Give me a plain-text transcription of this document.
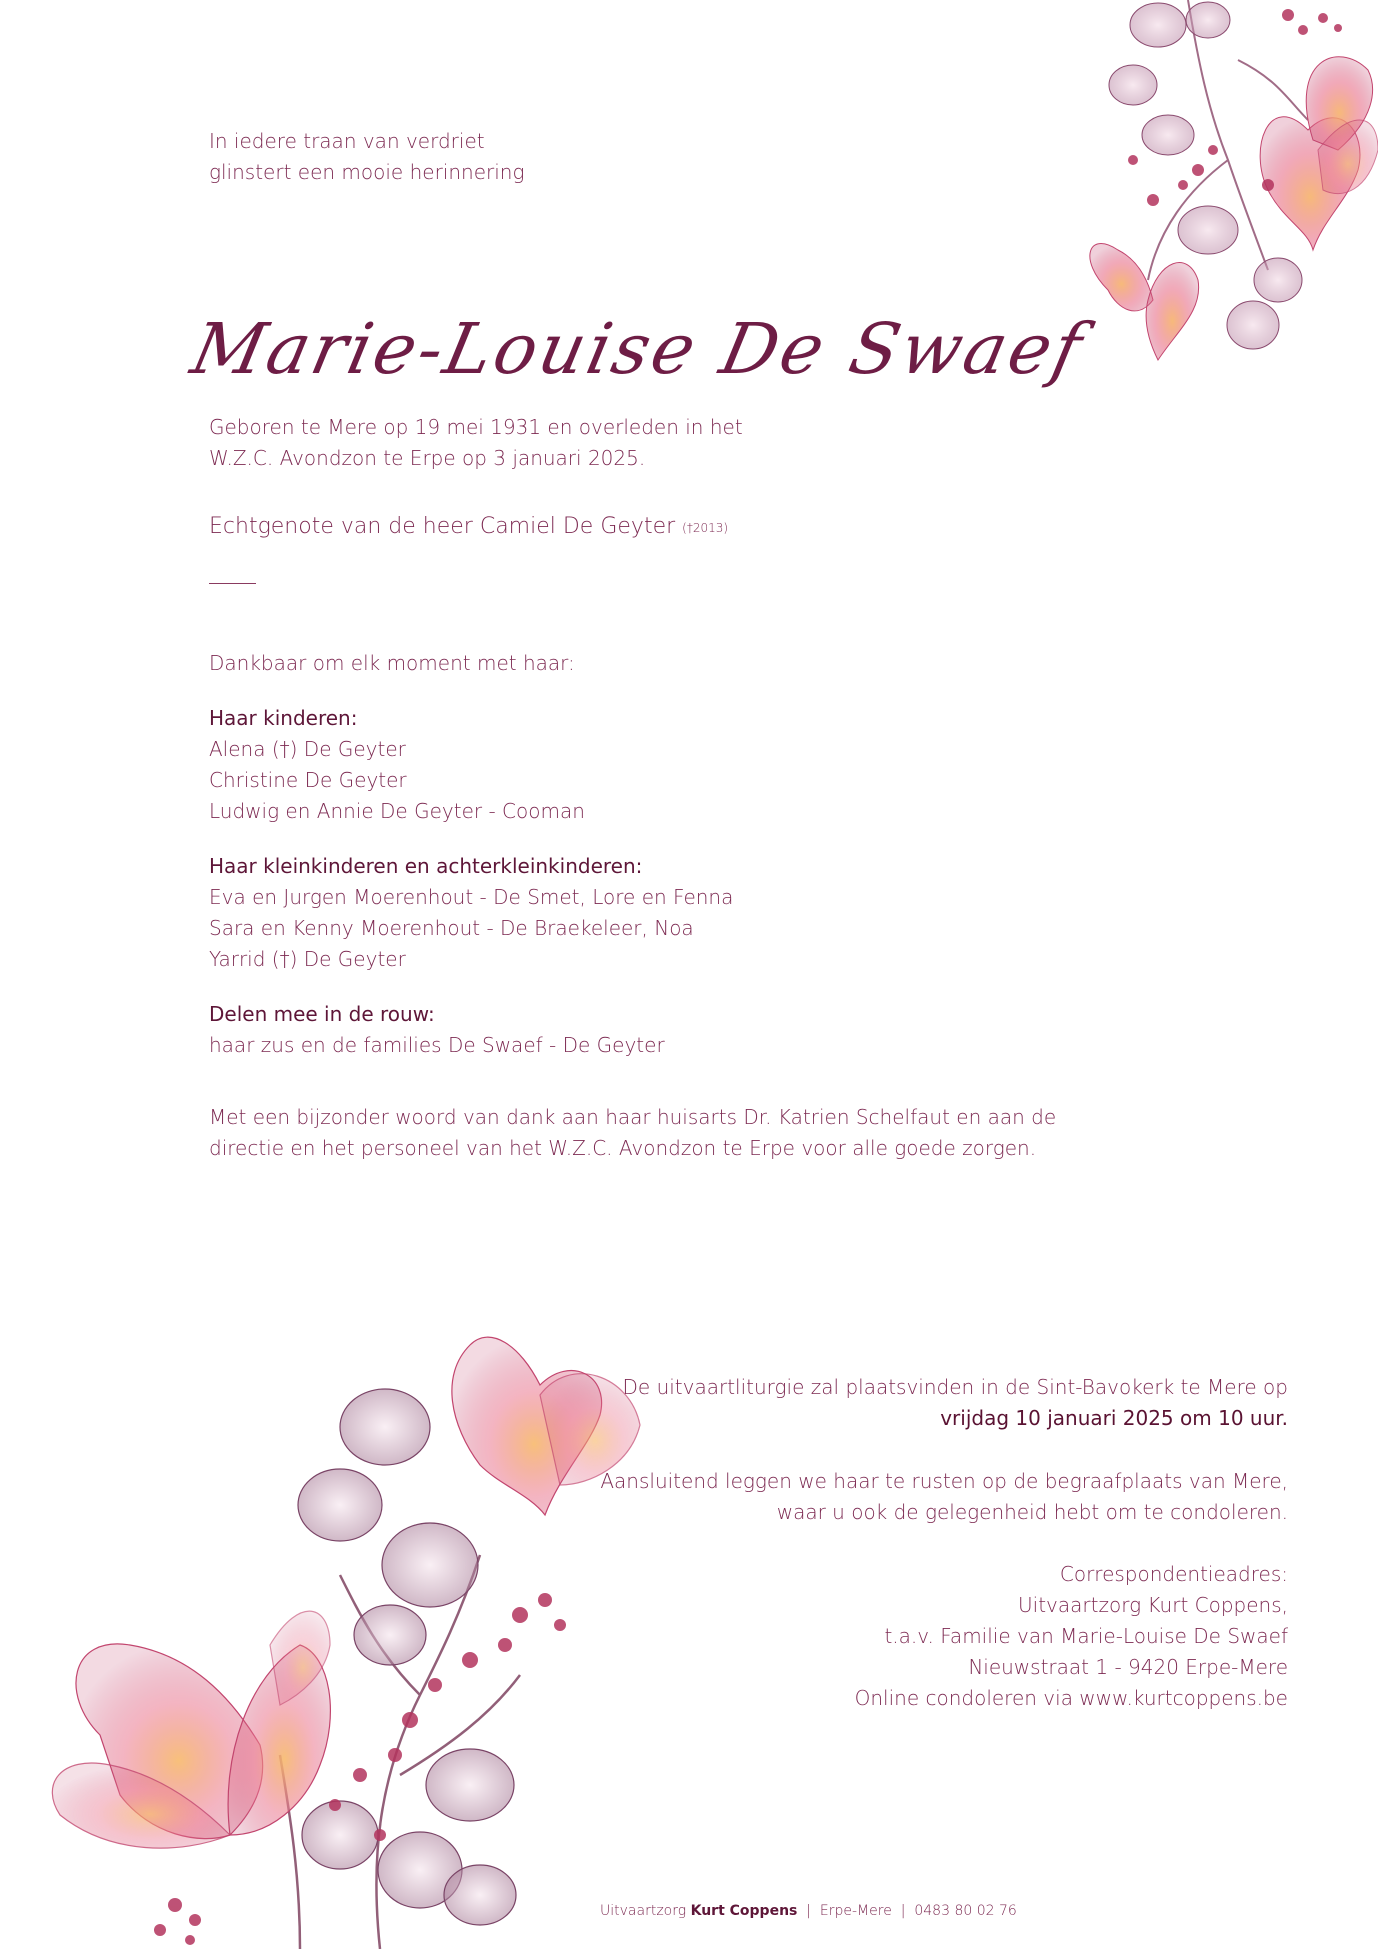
In iedere traan van verdriet
glinstert een mooie herinnering
Marie-Louise De Swaef
Geboren te Mere op 19 mei 1931 en overleden in het
W.Z.C. Avondzon te Erpe op 3 januari 2025.
Echtgenote van de heer Camiel De Geyter (†2013)
Dankbaar om elk moment met haar:
Haar kinderen:
Alena (†) De Geyter
Christine De Geyter
Ludwig en Annie De Geyter - Cooman
Haar kleinkinderen en achterkleinkinderen:
Eva en Jurgen Moerenhout - De Smet, Lore en Fenna
Sara en Kenny Moerenhout - De Braekeleer, Noa
Yarrid (†) De Geyter
Delen mee in de rouw:
haar zus en de families De Swaef - De Geyter
Met een bijzonder woord van dank aan haar huisarts Dr. Katrien Schelfaut en aan de
directie en het personeel van het W.Z.C. Avondzon te Erpe voor alle goede zorgen.
De uitvaartliturgie zal plaatsvinden in de Sint-Bavokerk te Mere op
vrijdag 10 januari 2025 om 10 uur.
Aansluitend leggen we haar te rusten op de begraafplaats van Mere,
waar u ook de gelegenheid hebt om te condoleren.
Correspondentieadres:
Uitvaartzorg Kurt Coppens,
t.a.v. Familie van Marie-Louise De Swaef
Nieuwstraat 1 - 9420 Erpe-Mere
Online condoleren via www.kurtcoppens.be
Uitvaartzorg Kurt Coppens  |  Erpe-Mere  |  0483 80 02 76
